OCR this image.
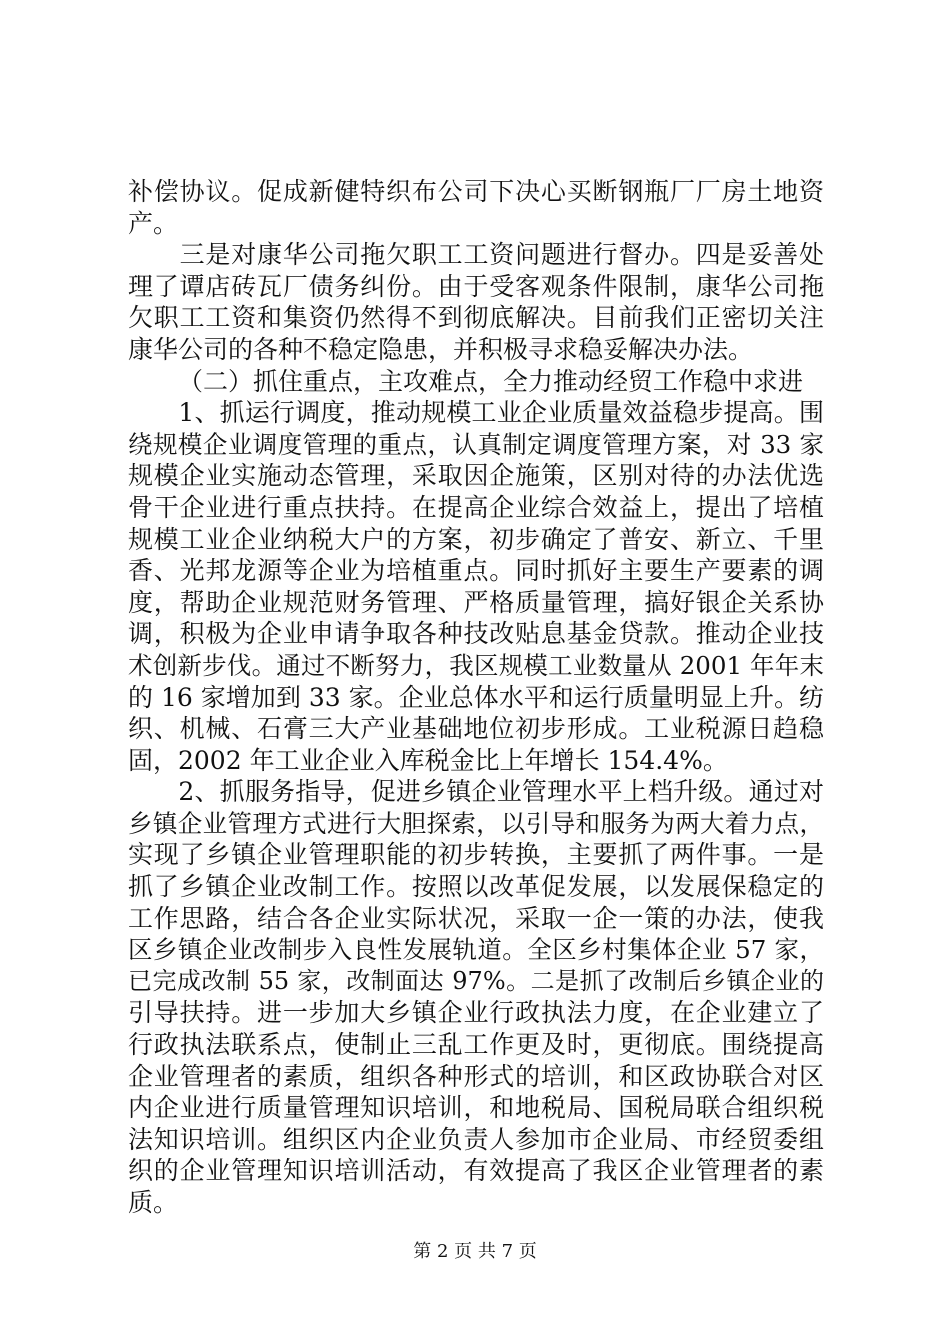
补偿协议。促成新健特织布公司下决心买断钢瓶厂厂房土地资
产。
　　三是对康华公司拖欠职工工资问题进行督办。四是妥善处
理了谭店砖瓦厂债务纠份。由于受客观条件限制，康华公司拖
欠职工工资和集资仍然得不到彻底解决。目前我们正密切关注
康华公司的各种不稳定隐患，并积极寻求稳妥解决办法。
（二）抓住重点，主攻难点，全力推动经贸工作稳中求进
　　1、抓运行调度，推动规模工业企业质量效益稳步提高。围
绕规模企业调度管理的重点，认真制定调度管理方案，对 33 家
规模企业实施动态管理，采取因企施策，区别对待的办法优选
骨干企业进行重点扶持。在提高企业综合效益上，提出了培植
规模工业企业纳税大户的方案，初步确定了普安、新立、千里
香、光邦龙源等企业为培植重点。同时抓好主要生产要素的调
度，帮助企业规范财务管理、严格质量管理，搞好银企关系协
调，积极为企业申请争取各种技改贴息基金贷款。推动企业技
术创新步伐。通过不断努力，我区规模工业数量从 2001 年年末
的 16 家增加到 33 家。企业总体水平和运行质量明显上升。纺
织、机械、石膏三大产业基础地位初步形成。工业税源日趋稳
固，2002 年工业企业入库税金比上年增长 154.4%。
　　2、抓服务指导，促进乡镇企业管理水平上档升级。通过对
乡镇企业管理方式进行大胆探索，以引导和服务为两大着力点，
实现了乡镇企业管理职能的初步转换，主要抓了两件事。一是
抓了乡镇企业改制工作。按照以改革促发展，以发展保稳定的
工作思路，结合各企业实际状况，采取一企一策的办法，使我
区乡镇企业改制步入良性发展轨道。全区乡村集体企业 57 家，
已完成改制 55 家，改制面达 97%。二是抓了改制后乡镇企业的
引导扶持。进一步加大乡镇企业行政执法力度，在企业建立了
行政执法联系点，使制止三乱工作更及时，更彻底。围绕提高
企业管理者的素质，组织各种形式的培训，和区政协联合对区
内企业进行质量管理知识培训，和地税局、国税局联合组织税
法知识培训。组织区内企业负责人参加市企业局、市经贸委组
织的企业管理知识培训活动，有效提高了我区企业管理者的素
质。
第 2 页 共 7 页
